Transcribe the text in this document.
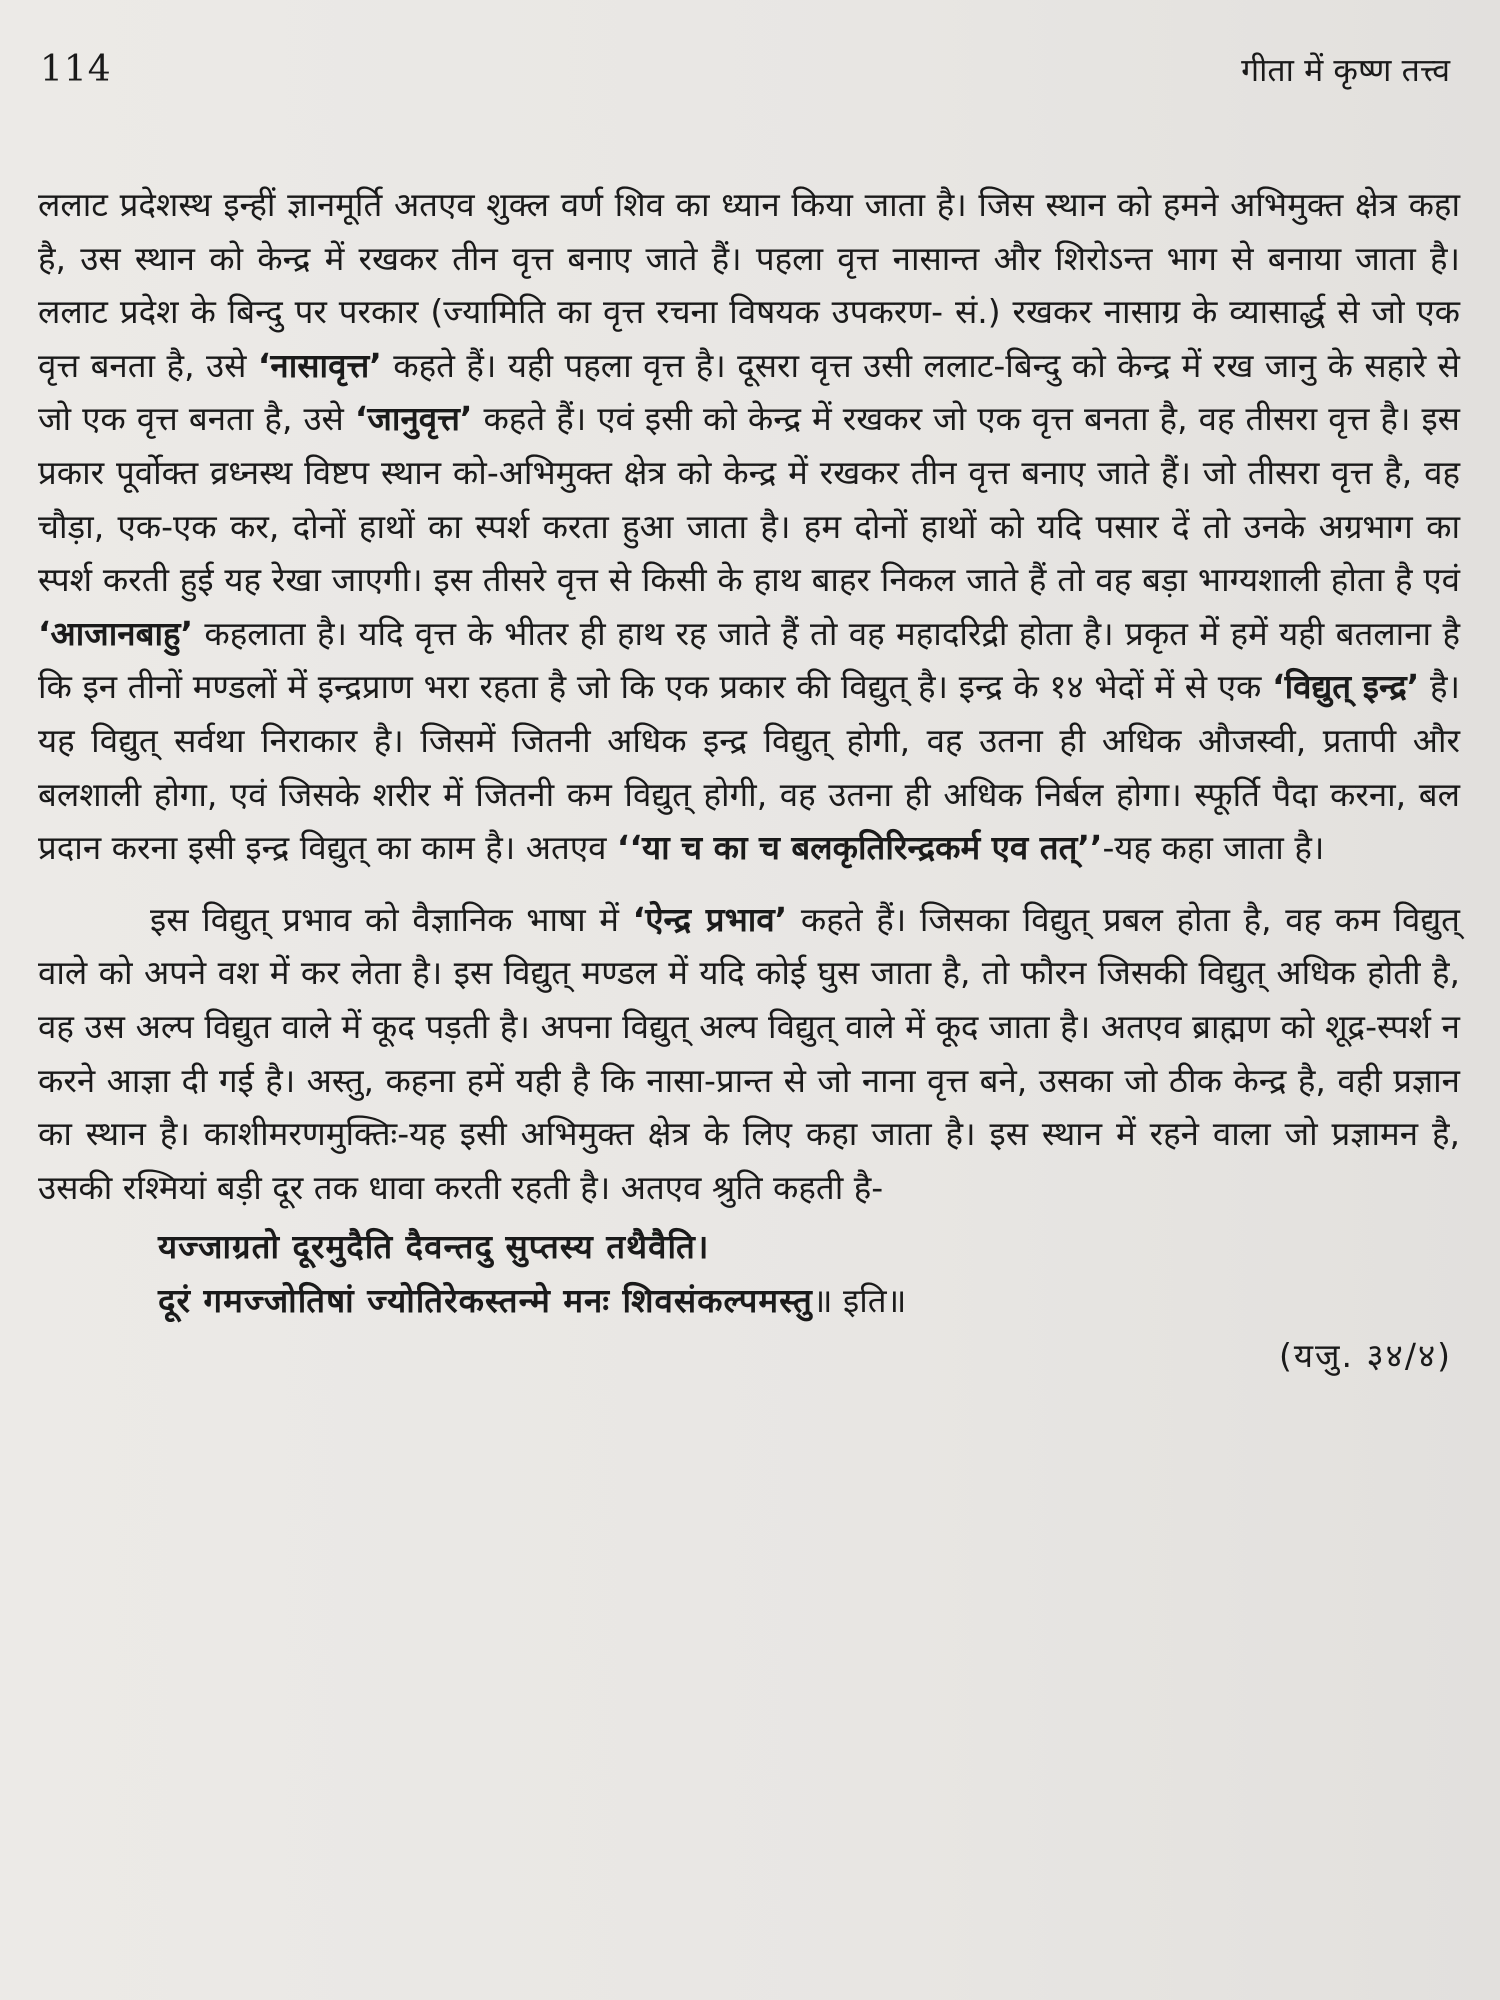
114	गीता में कृष्ण तत्त्व

ललाट प्रदेशस्थ इन्हीं ज्ञानमूर्ति अतएव शुक्ल वर्ण शिव का ध्यान किया जाता है। जिस स्थान को हमने अभिमुक्त क्षेत्र कहा है, उस स्थान को केन्द्र में रखकर तीन वृत्त बनाए जाते हैं। पहला वृत्त नासान्त और शिरोऽन्त भाग से बनाया जाता है। ललाट प्रदेश के बिन्दु पर परकार (ज्यामिति का वृत्त रचना विषयक उपकरण- सं.) रखकर नासाग्र के व्यासार्द्ध से जो एक वृत्त बनता है, उसे ‘नासावृत्त’ कहते हैं। यही पहला वृत्त है। दूसरा वृत्त उसी ललाट-बिन्दु को केन्द्र में रख जानु के सहारे से जो एक वृत्त बनता है, उसे ‘जानुवृत्त’ कहते हैं। एवं इसी को केन्द्र में रखकर जो एक वृत्त बनता है, वह तीसरा वृत्त है। इस प्रकार पूर्वोक्त व्रध्नस्थ विष्टप स्थान को-अभिमुक्त क्षेत्र को केन्द्र में रखकर तीन वृत्त बनाए जाते हैं। जो तीसरा वृत्त है, वह चौड़ा, एक-एक कर, दोनों हाथों का स्पर्श करता हुआ जाता है। हम दोनों हाथों को यदि पसार दें तो उनके अग्रभाग का स्पर्श करती हुई यह रेखा जाएगी। इस तीसरे वृत्त से किसी के हाथ बाहर निकल जाते हैं तो वह बड़ा भाग्यशाली होता है एवं ‘आजानबाहु’ कहलाता है। यदि वृत्त के भीतर ही हाथ रह जाते हैं तो वह महादरिद्री होता है। प्रकृत में हमें यही बतलाना है कि इन तीनों मण्डलों में इन्द्रप्राण भरा रहता है जो कि एक प्रकार की विद्युत् है। इन्द्र के १४ भेदों में से एक ‘विद्युत् इन्द्र’ है। यह विद्युत् सर्वथा निराकार है। जिसमें जितनी अधिक इन्द्र विद्युत् होगी, वह उतना ही अधिक औजस्वी, प्रतापी और बलशाली होगा, एवं जिसके शरीर में जितनी कम विद्युत् होगी, वह उतना ही अधिक निर्बल होगा। स्फूर्ति पैदा करना, बल प्रदान करना इसी इन्द्र विद्युत् का काम है। अतएव ‘‘या च का च बलकृतिरिन्द्रकर्म एव तत्’’-यह कहा जाता है।

इस विद्युत् प्रभाव को वैज्ञानिक भाषा में ‘ऐन्द्र प्रभाव’ कहते हैं। जिसका विद्युत् प्रबल होता है, वह कम विद्युत् वाले को अपने वश में कर लेता है। इस विद्युत् मण्डल में यदि कोई घुस जाता है, तो फौरन जिसकी विद्युत् अधिक होती है, वह उस अल्प विद्युत वाले में कूद पड़ती है। अपना विद्युत् अल्प विद्युत् वाले में कूद जाता है। अतएव ब्राह्मण को शूद्र-स्पर्श न करने आज्ञा दी गई है। अस्तु, कहना हमें यही है कि नासा-प्रान्त से जो नाना वृत्त बने, उसका जो ठीक केन्द्र है, वही प्रज्ञान का स्थान है। काशीमरणमुक्तिः-यह इसी अभिमुक्त क्षेत्र के लिए कहा जाता है। इस स्थान में रहने वाला जो प्रज्ञामन है, उसकी रश्मियां बड़ी दूर तक धावा करती रहती है। अतएव श्रुति कहती है-

यज्जाग्रतो दूरमुदैति दैवन्तदु सुप्तस्य तथैवैति।
दूरं गमज्जोतिषां ज्योतिरेकस्तन्मे मनः शिवसंकल्पमस्तु॥ इति॥
(यजु. ३४/४)
